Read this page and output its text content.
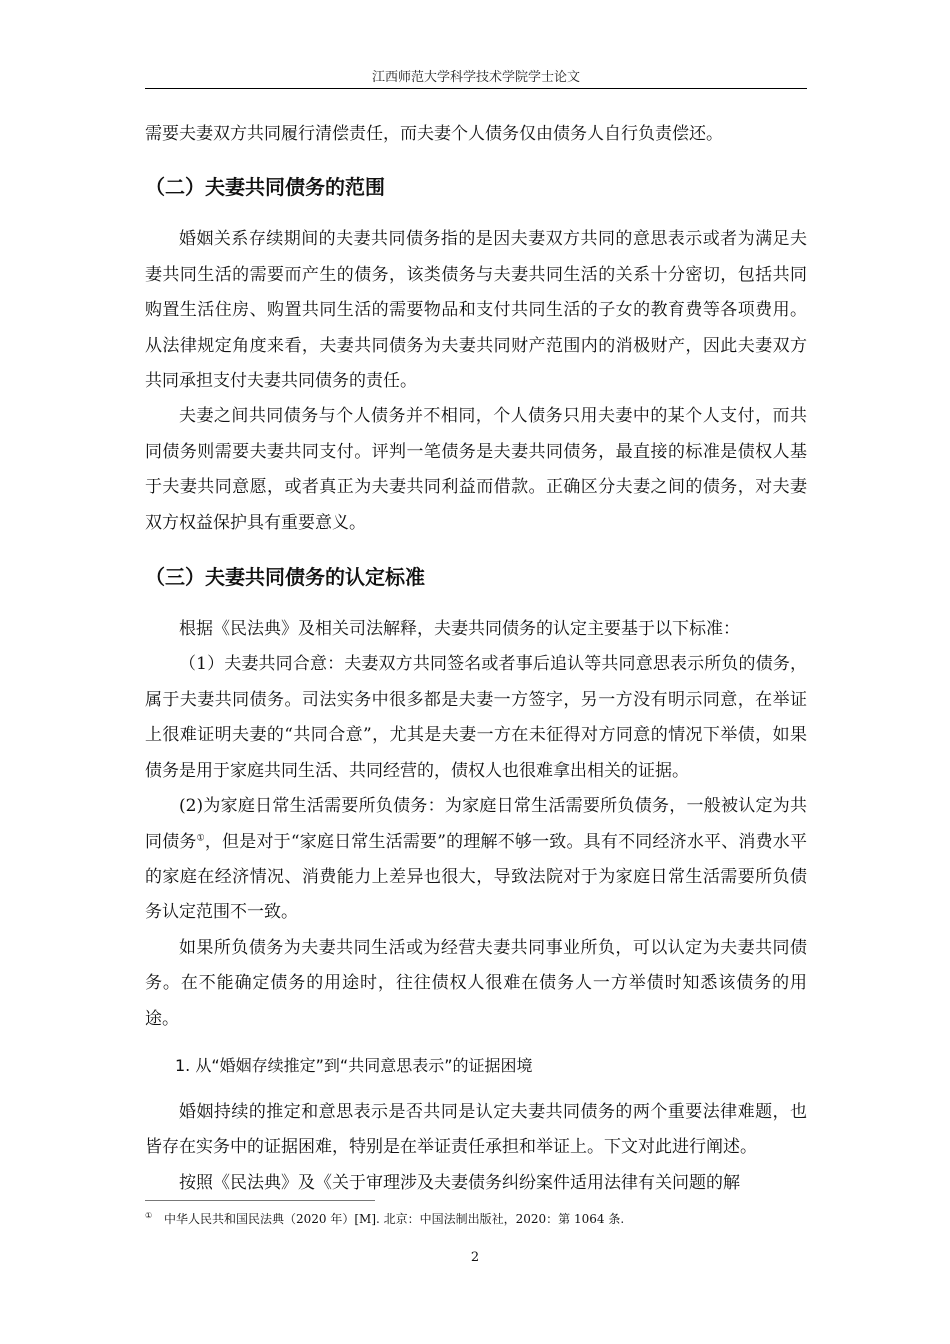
江西师范大学科学技术学院学士论文

需要夫妻双方共同履行清偿责任，而夫妻个人债务仅由债务人自行负责偿还。

（二）夫妻共同债务的范围

婚姻关系存续期间的夫妻共同债务指的是因夫妻双方共同的意思表示或者为满足夫妻共同生活的需要而产生的债务，该类债务与夫妻共同生活的关系十分密切，包括共同购置生活住房、购置共同生活的需要物品和支付共同生活的子女的教育费等各项费用。从法律规定角度来看，夫妻共同债务为夫妻共同财产范围内的消极财产，因此夫妻双方共同承担支付夫妻共同债务的责任。

夫妻之间共同债务与个人债务并不相同，个人债务只用夫妻中的某个人支付，而共同债务则需要夫妻共同支付。评判一笔债务是夫妻共同债务，最直接的标准是债权人基于夫妻共同意愿，或者真正为夫妻共同利益而借款。正确区分夫妻之间的债务，对夫妻双方权益保护具有重要意义。

（三）夫妻共同债务的认定标准

根据《民法典》及相关司法解释，夫妻共同债务的认定主要基于以下标准：

（1）夫妻共同合意：夫妻双方共同签名或者事后追认等共同意思表示所负的债务，属于夫妻共同债务。司法实务中很多都是夫妻一方签字，另一方没有明示同意，在举证上很难证明夫妻的“共同合意”，尤其是夫妻一方在未征得对方同意的情况下举债，如果债务是用于家庭共同生活、共同经营的，债权人也很难拿出相关的证据。

(2)为家庭日常生活需要所负债务：为家庭日常生活需要所负债务，一般被认定为共同债务①，但是对于“家庭日常生活需要”的理解不够一致。具有不同经济水平、消费水平的家庭在经济情况、消费能力上差异也很大，导致法院对于为家庭日常生活需要所负债务认定范围不一致。

如果所负债务为夫妻共同生活或为经营夫妻共同事业所负，可以认定为夫妻共同债务。在不能确定债务的用途时，往往债权人很难在债务人一方举债时知悉该债务的用途。

1. 从“婚姻存续推定”到“共同意思表示”的证据困境

婚姻持续的推定和意思表示是否共同是认定夫妻共同债务的两个重要法律难题，也皆存在实务中的证据困难，特别是在举证责任承担和举证上。下文对此进行阐述。

按照《民法典》及《关于审理涉及夫妻债务纠纷案件适用法律有关问题的解

① 中华人民共和国民法典（2020 年）[M]. 北京：中国法制出版社，2020：第 1064 条.
2
